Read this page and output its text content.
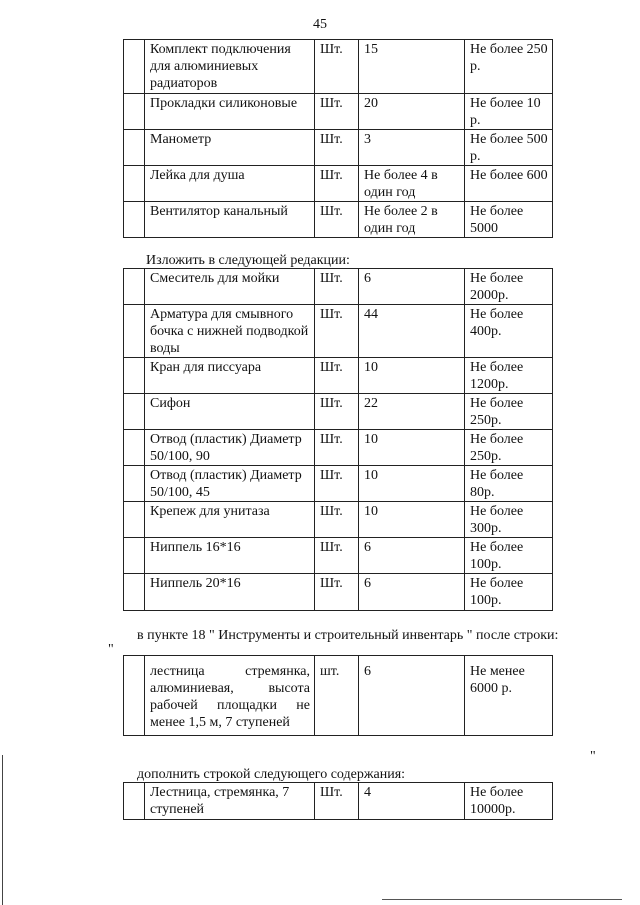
45
	Комплект подключения для алюминиевых радиаторов	Шт.	15	Не более 250 р.
	Прокладки силиконовые	Шт.	20	Не более 10 р.
	Манометр	Шт.	3	Не более 500 р.
	Лейка для душа	Шт.	Не более 4 в один год	Не более 600
	Вентилятор канальный	Шт.	Не более 2 в один год	Не более 5000
Изложить в следующей редакции:
	Смеситель для мойки	Шт.	6	Не более 2000р.
	Арматура для смывного бочка с нижней подводкой воды	Шт.	44	Не более 400р.
	Кран для писсуара	Шт.	10	Не более 1200р.
	Сифон	Шт.	22	Не более 250р.
	Отвод (пластик) Диаметр 50/100, 90	Шт.	10	Не более 250р.
	Отвод (пластик) Диаметр 50/100, 45	Шт.	10	Не более 80р.
	Крепеж для унитаза	Шт.	10	Не более 300р.
	Ниппель 16*16	Шт.	6	Не более 100р.
	Ниппель 20*16	Шт.	6	Не более 100р.
в пункте 18 " Инструменты и строительный инвентарь " после строки:
"
	лестница стремянка, алюминиевая, высота рабочей площадки не менее 1,5 м, 7 ступеней	шт.	6	Не менее 6000 р.
"
дополнить строкой следующего содержания:
	Лестница, стремянка, 7 ступеней	Шт.	4	Не более 10000р.
